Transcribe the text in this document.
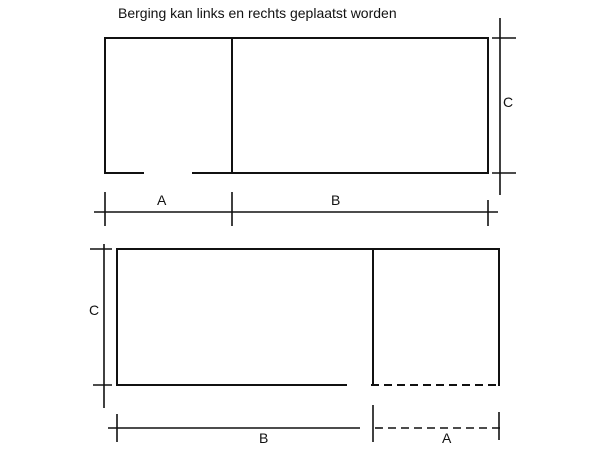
Berging kan links en rechts geplaatst worden
C
A	B
C
B	A
